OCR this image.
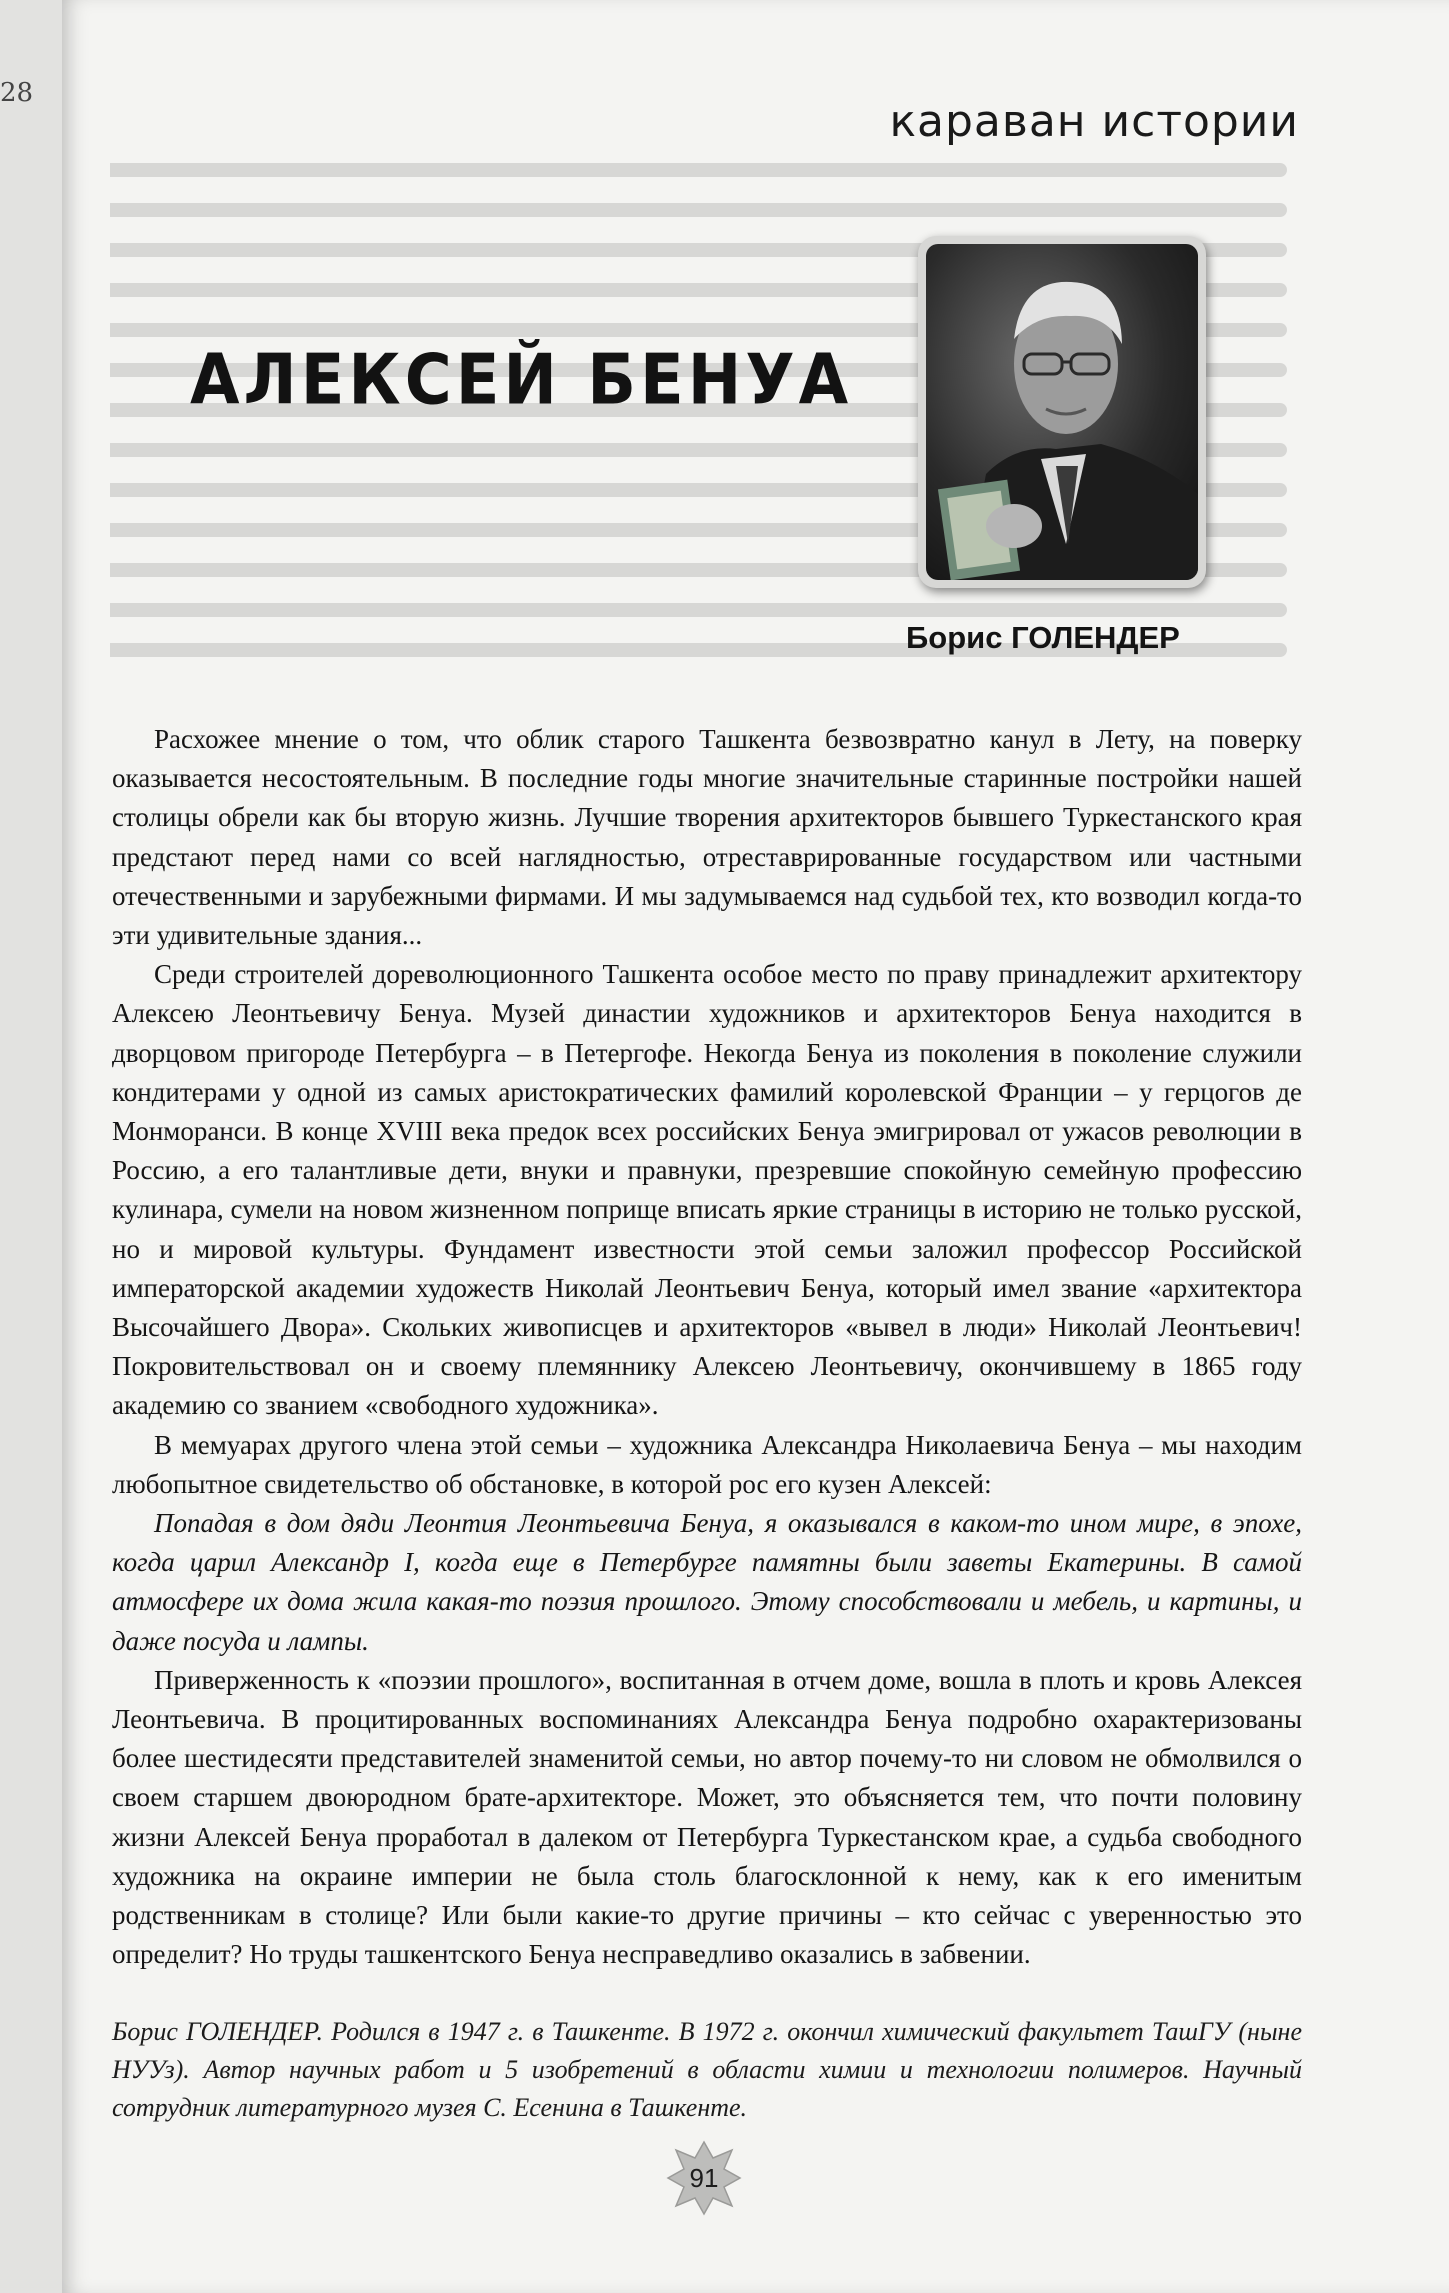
28
караван истории
АЛЕКСЕЙ БЕНУА
Борис ГОЛЕНДЕР

Расхожее мнение о том, что облик старого Ташкента безвозвратно канул в Лету, на поверку оказывается несостоятельным. В последние годы многие значительные старинные постройки нашей столицы обрели как бы вторую жизнь. Лучшие творения архитекторов бывшего Туркестанского края предстают перед нами со всей наглядностью, отреставрированные государством или частными отечественными и зарубежными фирмами. И мы задумываемся над судьбой тех, кто возводил когда-то эти удивительные здания...

Среди строителей дореволюционного Ташкента особое место по праву принадлежит архитектору Алексею Леонтьевичу Бенуа. Музей династии художников и архитекторов Бенуа находится в дворцовом пригороде Петербурга – в Петергофе. Некогда Бенуа из поколения в поколение служили кондитерами у одной из самых аристократических фамилий королевской Франции – у герцогов де Монморанси. В конце XVIII века предок всех российских Бенуа эмигрировал от ужасов революции в Россию, а его талантливые дети, внуки и правнуки, презревшие спокойную семейную профессию кулинара, сумели на новом жизненном поприще вписать яркие страницы в историю не только русской, но и мировой культуры. Фундамент известности этой семьи заложил профессор Российской императорской академии художеств Николай Леонтьевич Бенуа, который имел звание «архитектора Высочайшего Двора». Скольких живописцев и архитекторов «вывел в люди» Николай Леонтьевич! Покровительствовал он и своему племяннику Алексею Леонтьевичу, окончившему в 1865 году академию со званием «свободного художника».

В мемуарах другого члена этой семьи – художника Александра Николаевича Бенуа – мы находим любопытное свидетельство об обстановке, в которой рос его кузен Алексей:

Попадая в дом дяди Леонтия Леонтьевича Бенуа, я оказывался в каком-то ином мире, в эпохе, когда царил Александр I, когда еще в Петербурге памятны были заветы Екатерины. В самой атмосфере их дома жила какая-то поэзия прошлого. Этому способствовали и мебель, и картины, и даже посуда и лампы.

Приверженность к «поэзии прошлого», воспитанная в отчем доме, вошла в плоть и кровь Алексея Леонтьевича. В процитированных воспоминаниях Александра Бенуа подробно охарактеризованы более шестидесяти представителей знаменитой семьи, но автор почему-то ни словом не обмолвился о своем старшем двоюродном брате-архитекторе. Может, это объясняется тем, что почти половину жизни Алексей Бенуа проработал в далеком от Петербурга Туркестанском крае, а судьба свободного художника на окраине империи не была столь благосклонной к нему, как к его именитым родственникам в столице? Или были какие-то другие причины – кто сейчас с уверенностью это определит? Но труды ташкентского Бенуа несправедливо оказались в забвении.

Борис ГОЛЕНДЕР. Родился в 1947 г. в Ташкенте. В 1972 г. окончил химический факультет ТашГУ (ныне НУУз). Автор научных работ и 5 изобретений в области химии и технологии полимеров. Научный сотрудник литературного музея С. Есенина в Ташкенте.
91
